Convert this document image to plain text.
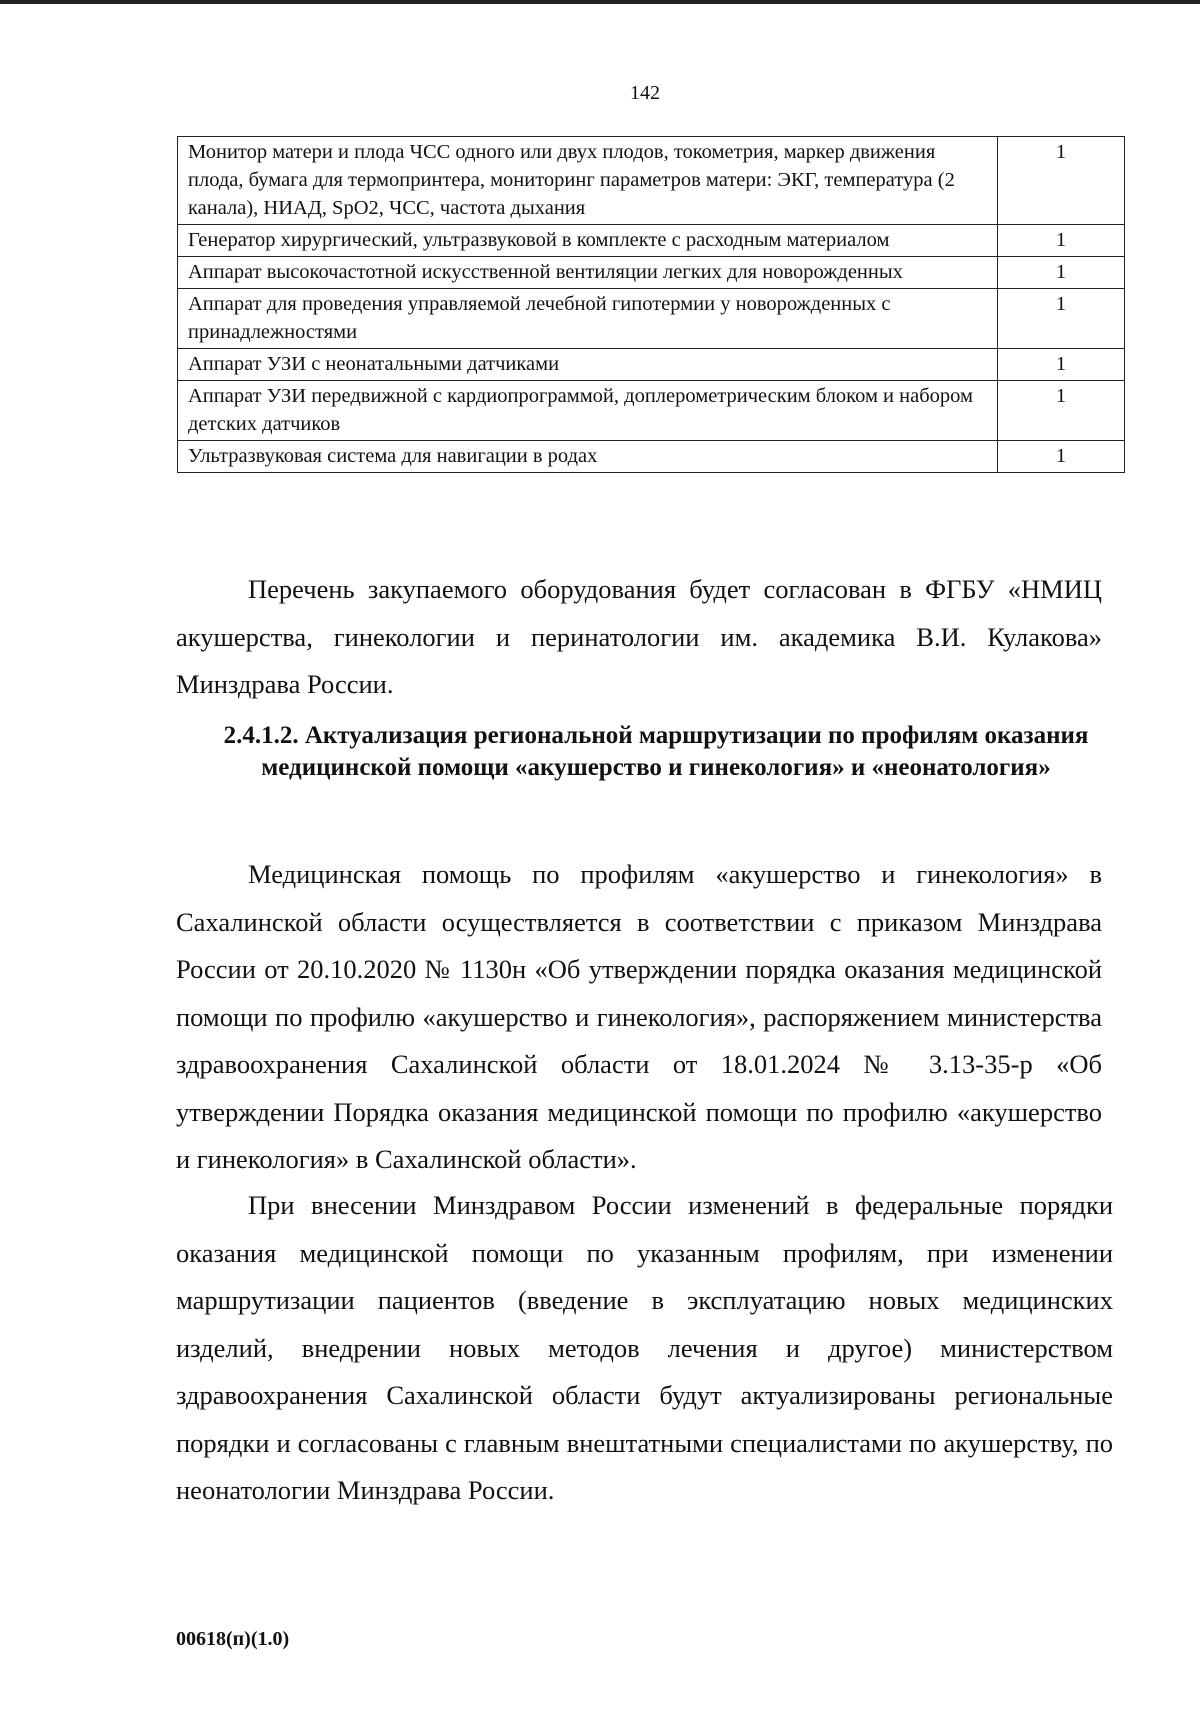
142
Монитор матери и плода ЧСС одного или двух плодов, токометрия, маркер движения плода, бумага для термопринтера, мониторинг параметров матери: ЭКГ, температура (2 канала), НИАД, SpO2, ЧСС, частота дыхания	1
Генератор хирургический, ультразвуковой в комплекте с расходным материалом	1
Аппарат высокочастотной искусственной вентиляции легких для новорожденных	1
Аппарат для проведения управляемой лечебной гипотермии у новорожденных с принадлежностями	1
Аппарат УЗИ с неонатальными датчиками	1
Аппарат УЗИ передвижной с кардиопрограммой, доплерометрическим блоком и набором детских датчиков	1
Ультразвуковая система для навигации в родах	1

Перечень закупаемого оборудования будет согласован в ФГБУ «НМИЦ акушерства, гинекологии и перинатологии им. академика В.И. Кулакова» Минздрава России.

2.4.1.2. Актуализация региональной маршрутизации по профилям оказания медицинской помощи «акушерство и гинекология» и «неонатология»

Медицинская помощь по профилям «акушерство и гинекология» в Сахалинской области осуществляется в соответствии с приказом Минздрава России от 20.10.2020 № 1130н «Об утверждении порядка оказания медицинской помощи по профилю «акушерство и гинекология», распоряжением министерства здравоохранения Сахалинской области от 18.01.2024 № 3.13-35-р «Об утверждении Порядка оказания медицинской помощи по профилю «акушерство и гинекология» в Сахалинской области».

При внесении Минздравом России изменений в федеральные порядки оказания медицинской помощи по указанным профилям, при изменении маршрутизации пациентов (введение в эксплуатацию новых медицинских изделий, внедрении новых методов лечения и другое) министерством здравоохранения Сахалинской области будут актуализированы региональные порядки и согласованы с главным внештатными специалистами по акушерству, по неонатологии Минздрава России.

00618(п)(1.0)
